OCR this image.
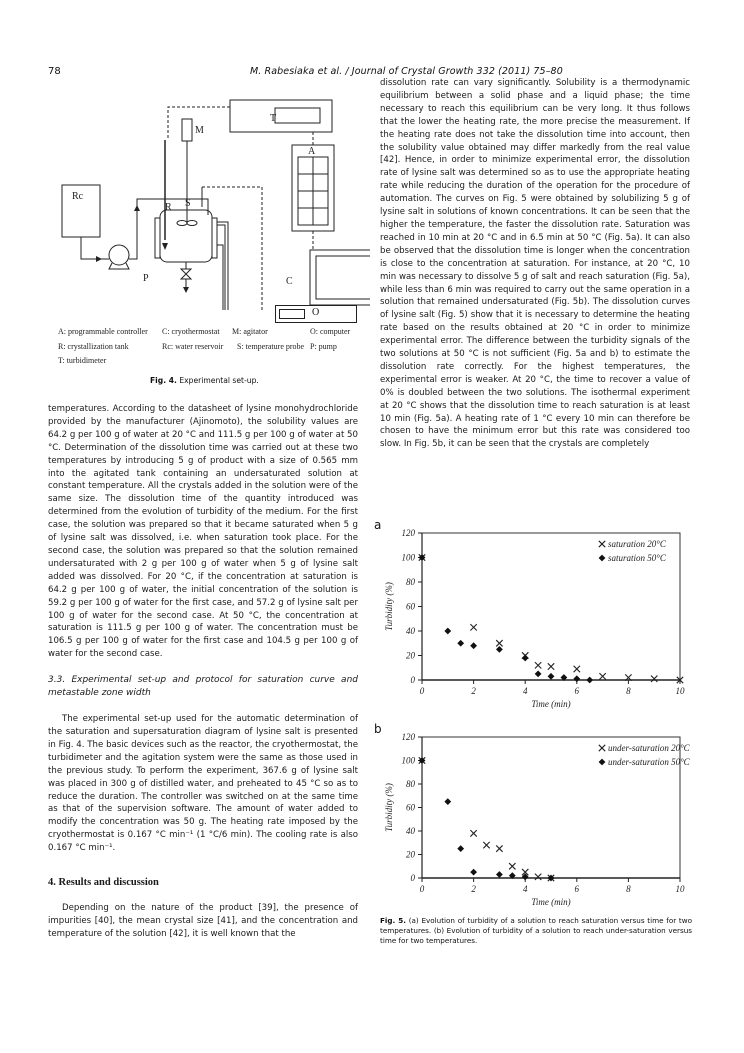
78	M. Rabesiaka et al. / Journal of Crystal Growth 332 (2011) 75–80
T
M
A
Rc
R S
P	C
O
A: programmable controller C: cryothermostat M: agitator	O: computer
R: crystallization tank	Rc: water reservoir S: temperature probe P: pump
T: turbidimeter
Fig. 4. Experimental set-up.

temperatures. According to the datasheet of lysine monohydrochloride provided by the manufacturer (Ajinomoto), the solubility values are 64.2 g per 100 g of water at 20 °C and 111.5 g per 100 g of water at 50 °C. Determination of the dissolution time was carried out at these two temperatures by introducing 5 g of product with a size of 0.565 mm into the agitated tank containing an undersaturated solution at constant temperature. All the crystals added in the solution were of the same size. The dissolution time of the quantity introduced was determined from the evolution of turbidity of the medium. For the first case, the solution was prepared so that it became saturated when 5 g of lysine salt was dissolved, i.e. when saturation took place. For the second case, the solution was prepared so that the solution remained undersaturated with 2 g per 100 g of water when 5 g of lysine salt added was dissolved. For 20 °C, if the concentration at saturation is 64.2 g per 100 g of water, the initial concentration of the solution is 59.2 g per 100 g of water for the first case, and 57.2 g of lysine salt per 100 g of water for the second case. At 50 °C, the concentration at saturation is 111.5 g per 100 g of water. The concentration must be 106.5 g per 100 g of water for the first case and 104.5 g per 100 g of water for the second case.

3.3. Experimental set-up and protocol for saturation curve and metastable zone width

The experimental set-up used for the automatic determination of the saturation and supersaturation diagram of lysine salt is presented in Fig. 4. The basic devices such as the reactor, the cryothermostat, the turbidimeter and the agitation system were the same as those used in the previous study. To perform the experiment, 367.6 g of lysine salt was placed in 300 g of distilled water, and preheated to 45 °C so as to reduce the duration. The controller was switched on at the same time as that of the supervision software. The amount of water added to modify the concentration was 50 g. The heating rate imposed by the cryothermostat is 0.167 °C min⁻¹ (1 °C/6 min). The cooling rate is also 0.167 °C min⁻¹.

4. Results and discussion

Depending on the nature of the product [39], the presence of impurities [40], the mean crystal size [41], and the concentration and temperature of the solution [42], it is well known that the

dissolution rate can vary significantly. Solubility is a thermodynamic equilibrium between a solid phase and a liquid phase; the time necessary to reach this equilibrium can be very long. It thus follows that the lower the heating rate, the more precise the measurement. If the heating rate does not take the dissolution time into account, then the solubility value obtained may differ markedly from the real value [42]. Hence, in order to minimize experimental error, the dissolution rate of lysine salt was determined so as to use the appropriate heating rate while reducing the duration of the operation for the procedure of automation. The curves on Fig. 5 were obtained by solubilizing 5 g of lysine salt in solutions of known concentrations. It can be seen that the higher the temperature, the faster the dissolution rate. Saturation was reached in 10 min at 20 °C and in 6.5 min at 50 °C (Fig. 5a). It can also be observed that the dissolution time is longer when the concentration is close to the concentration at saturation. For instance, at 20 °C, 10 min was necessary to dissolve 5 g of salt and reach saturation (Fig. 5a), while less than 6 min was required to carry out the same operation in a solution that remained undersaturated (Fig. 5b). The dissolution curves of lysine salt (Fig. 5) show that it is necessary to determine the heating rate based on the results obtained at 20 °C in order to minimize experimental error. The difference between the turbidity signals of the two solutions at 50 °C is not sufficient (Fig. 5a and b) to estimate the dissolution rate correctly. For the highest temperatures, the experimental error is weaker. At 20 °C, the time to recover a value of 0% is doubled between the two solutions. The isothermal experiment at 20 °C shows that the dissolution time to reach saturation is at least 10 min (Fig. 5a). A heating rate of 1 °C every 10 min can therefore be chosen to have the minimum error but this rate was considered too slow. In Fig. 5b, it can be seen that the crystals are completely

a
0
20
40
60
80
100
120
0	2	4	6	8	10
Time (min)
Turbidity (%)
saturation 20°C
saturation 50°C
b
0
20
40
60
80
100
120
0	2	4	6	8	10
Time (min)
Turbidity (%)
under-saturation 20°C
under-saturation 50°C
Fig. 5. (a) Evolution of turbidity of a solution to reach saturation versus time for two temperatures. (b) Evolution of turbidity of a solution to reach under-saturation versus time for two temperatures.
